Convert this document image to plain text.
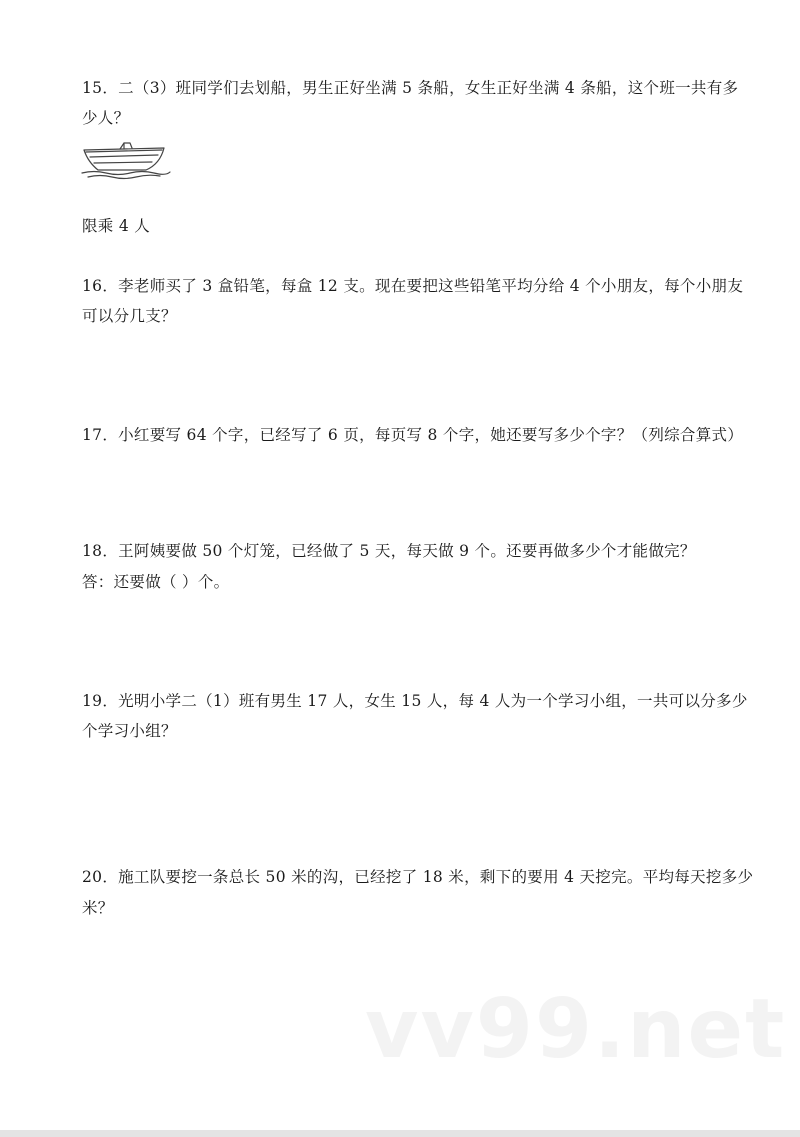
15．二（3）班同学们去划船，男生正好坐满 5 条船，女生正好坐满 4 条船，这个班一共有多
少人？
限乘 4 人
16．李老师买了 3 盒铅笔，每盒 12 支。现在要把这些铅笔平均分给 4 个小朋友，每个小朋友
可以分几支？
17．小红要写 64 个字，已经写了 6 页，每页写 8 个字，她还要写多少个字？（列综合算式）
18．王阿姨要做 50 个灯笼，已经做了 5 天，每天做 9 个。还要再做多少个才能做完？
答：还要做（ ）个。
19．光明小学二（1）班有男生 17 人，女生 15 人，每 4 人为一个学习小组，一共可以分多少
个学习小组？
20．施工队要挖一条总长 50 米的沟，已经挖了 18 米，剩下的要用 4 天挖完。平均每天挖多少
米？
vv99.net
